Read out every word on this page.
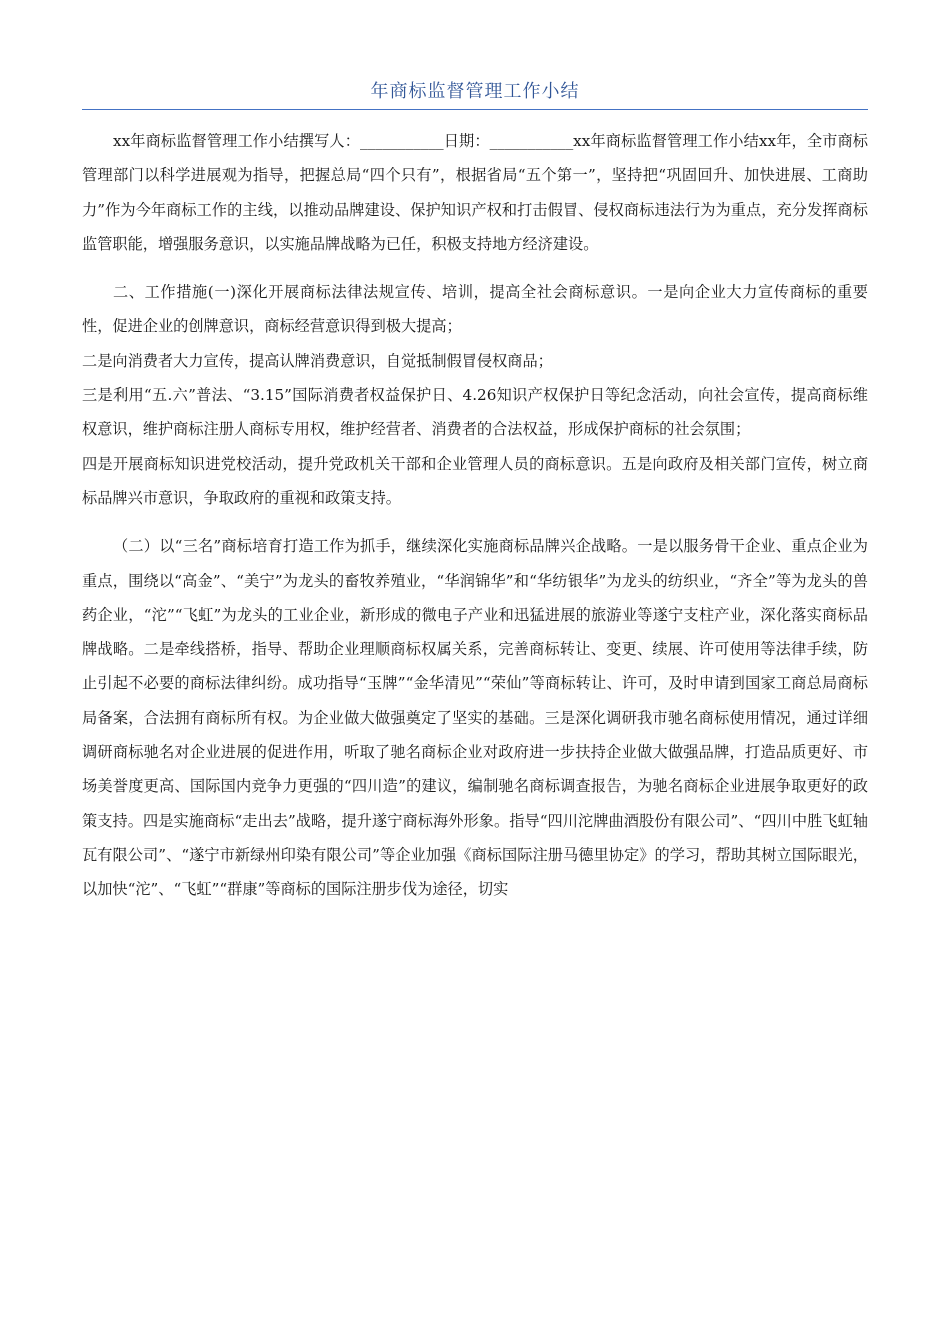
年商标监督管理工作小结

xx年商标监督管理工作小结撰写人：___________日期：___________xx年商标监督管理工作小结xx年，全市商标管理部门以科学进展观为指导，把握总局“四个只有”，根据省局“五个第一”，坚持把“巩固回升、加快进展、工商助力”作为今年商标工作的主线，以推动品牌建设、保护知识产权和打击假冒、侵权商标违法行为为重点，充分发挥商标监管职能，增强服务意识，以实施品牌战略为已任，积极支持地方经济建设。

二、工作措施(一)深化开展商标法律法规宣传、培训，提高全社会商标意识。一是向企业大力宣传商标的重要性，促进企业的创牌意识，商标经营意识得到极大提高；

二是向消费者大力宣传，提高认牌消费意识，自觉抵制假冒侵权商品；

三是利用“五.六”普法、“3.15”国际消费者权益保护日、4.26知识产权保护日等纪念活动，向社会宣传，提高商标维权意识，维护商标注册人商标专用权，维护经营者、消费者的合法权益，形成保护商标的社会氛围；

四是开展商标知识进党校活动，提升党政机关干部和企业管理人员的商标意识。五是向政府及相关部门宣传，树立商标品牌兴市意识，争取政府的重视和政策支持。

（二）以“三名”商标培育打造工作为抓手，继续深化实施商标品牌兴企战略。一是以服务骨干企业、重点企业为重点，围绕以“高金”、“美宁”为龙头的畜牧养殖业，“华润锦华”和“华纺银华”为龙头的纺织业，“齐全”等为龙头的兽药企业，“沱”“飞虹”为龙头的工业企业，新形成的微电子产业和迅猛进展的旅游业等遂宁支柱产业，深化落实商标品牌战略。二是牵线搭桥，指导、帮助企业理顺商标权属关系，完善商标转让、变更、续展、许可使用等法律手续，防止引起不必要的商标法律纠纷。成功指导“玉牌”“金华清见”“荣仙”等商标转让、许可，及时申请到国家工商总局商标局备案，合法拥有商标所有权。为企业做大做强奠定了坚实的基础。三是深化调研我市驰名商标使用情况，通过详细调研商标驰名对企业进展的促进作用，听取了驰名商标企业对政府进一步扶持企业做大做强品牌，打造品质更好、市场美誉度更高、国际国内竞争力更强的“四川造”的建议，编制驰名商标调查报告，为驰名商标企业进展争取更好的政策支持。四是实施商标“走出去”战略，提升遂宁商标海外形象。指导“四川沱牌曲酒股份有限公司”、“四川中胜飞虹轴瓦有限公司”、“遂宁市新绿州印染有限公司”等企业加强《商标国际注册马德里协定》的学习，帮助其树立国际眼光，以加快“沱”、“飞虹”“群康”等商标的国际注册步伐为途径，切实
